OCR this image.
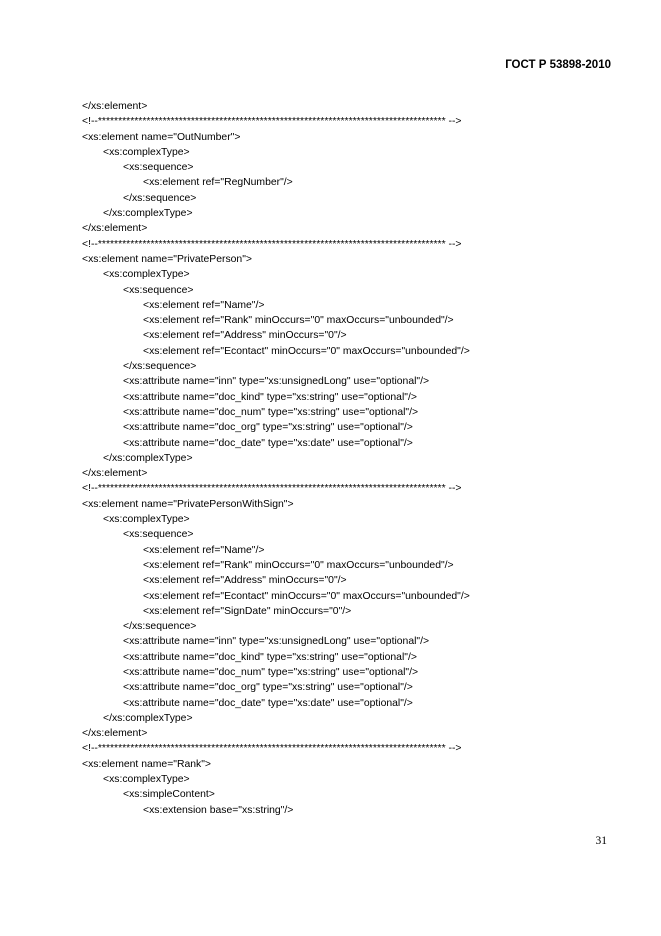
ГОСТ Р 53898-2010
</xs:element>
<!--************************************************************************************** -->
<xs:element name="OutNumber">
<xs:complexType>
<xs:sequence>
<xs:element ref="RegNumber"/>
</xs:sequence>
</xs:complexType>
</xs:element>
<!--************************************************************************************** -->
<xs:element name="PrivatePerson">
<xs:complexType>
<xs:sequence>
<xs:element ref="Name"/>
<xs:element ref="Rank" minOccurs="0" maxOccurs="unbounded"/>
<xs:element ref="Address" minOccurs="0"/>
<xs:element ref="Econtact" minOccurs="0" maxOccurs="unbounded"/>
</xs:sequence>
<xs:attribute name="inn" type="xs:unsignedLong" use="optional"/>
<xs:attribute name="doc_kind" type="xs:string" use="optional"/>
<xs:attribute name="doc_num" type="xs:string" use="optional"/>
<xs:attribute name="doc_org" type="xs:string" use="optional"/>
<xs:attribute name="doc_date" type="xs:date" use="optional"/>
</xs:complexType>
</xs:element>
<!--************************************************************************************** -->
<xs:element name="PrivatePersonWithSign">
<xs:complexType>
<xs:sequence>
<xs:element ref="Name"/>
<xs:element ref="Rank" minOccurs="0" maxOccurs="unbounded"/>
<xs:element ref="Address" minOccurs="0"/>
<xs:element ref="Econtact" minOccurs="0" maxOccurs="unbounded"/>
<xs:element ref="SignDate" minOccurs="0"/>
</xs:sequence>
<xs:attribute name="inn" type="xs:unsignedLong" use="optional"/>
<xs:attribute name="doc_kind" type="xs:string" use="optional"/>
<xs:attribute name="doc_num" type="xs:string" use="optional"/>
<xs:attribute name="doc_org" type="xs:string" use="optional"/>
<xs:attribute name="doc_date" type="xs:date" use="optional"/>
</xs:complexType>
</xs:element>
<!--************************************************************************************** -->
<xs:element name="Rank">
<xs:complexType>
<xs:simpleContent>
<xs:extension base="xs:string"/>
31
